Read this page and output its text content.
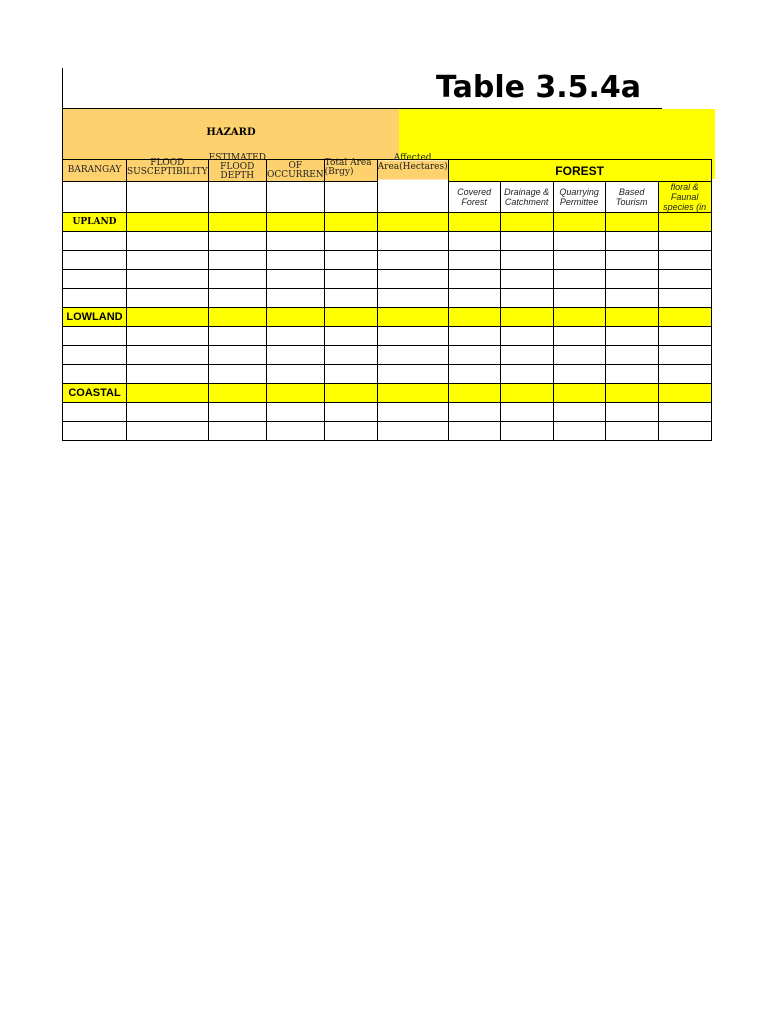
Table 3.5.4a
HAZARD
BARANGAY	FLOOD SUSCEPTIBILITY	ESTIMATED FLOOD DEPTH	OF OCCURREN	Total Area (Brgy)	Affected Area(Hectares)	FOREST				
						Covered Forest	Drainage & Catchment	Quarrying Permittee	Based Tourism	floral & Faunal species (in
UPLAND										

LOWLAND										

COASTAL										
